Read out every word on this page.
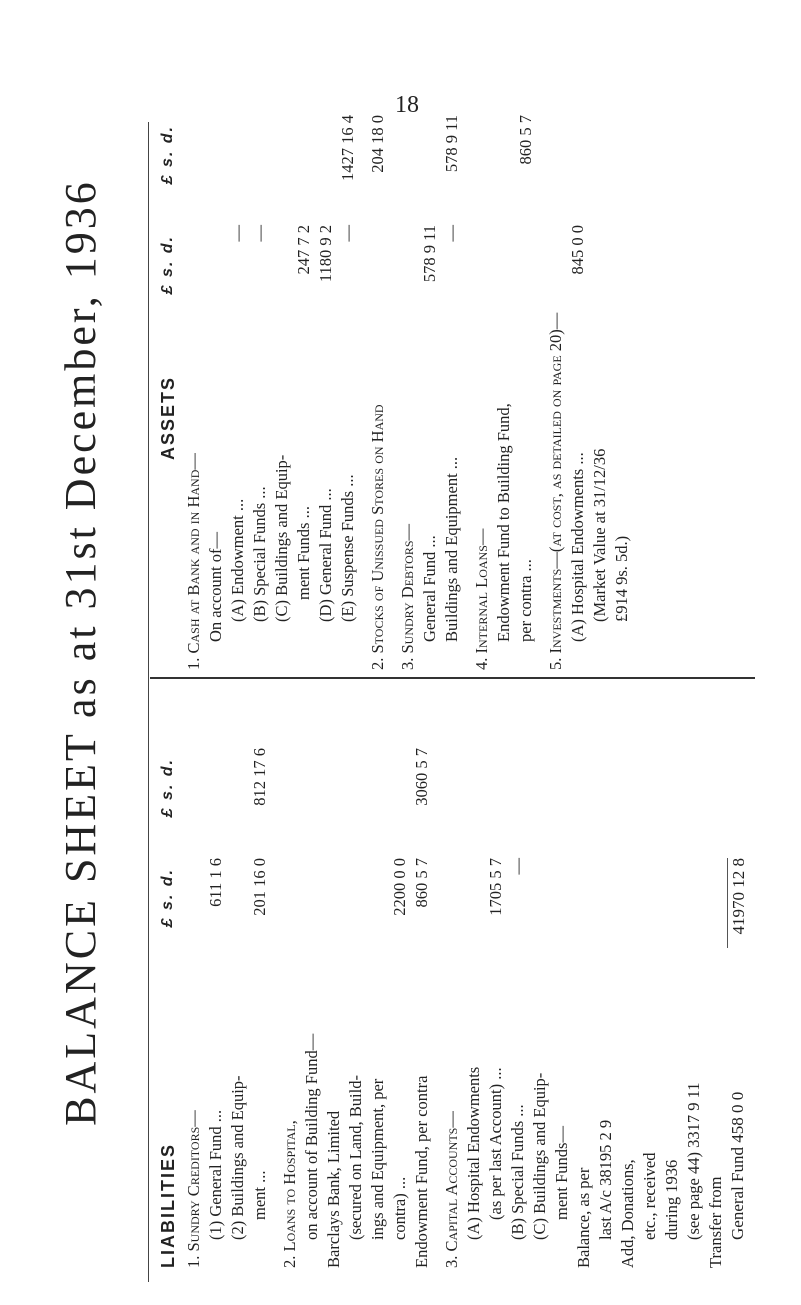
18
BALANCE SHEET as at 31st December, 1936
LIABILITIES
£ s. d.
£ s. d.
1. Sundry Creditors— (1) General Fund ...
611 1 6
(2) Buildings and Equip- ment ...
201 16 0
812 17 6
2. Loans to Hospital, on account of Building Fund— Barclays Bank, Limited (secured on Land, Build- ings and Equipment, per contra) ...
2200 0 0
Endowment Fund, per contra
860 5 7
3060 5 7
3. Capital Accounts— (A) Hospital Endowments (as per last Account) ...
1705 5 7
(B) Special Funds ...
—
(C) Buildings and Equip- ment Funds— Balance, as per last A/c 38195 2 9 Add, Donations, etc., received during 1936 (see page 44) 3317 9 11 Transfer from General Fund 458 0 0
41970 12 8
ASSETS
£ s. d.
£ s. d.
1. Cash at Bank and in Hand— On account of— (A) Endowment ...
—
(B) Special Funds ...
—
(C) Buildings and Equip- ment Funds ...
247 7 2
(D) General Fund ...
1180 9 2
(E) Suspense Funds ...
—
1427 16 4
2. Stocks of Unissued Stores on Hand
204 18 0
3. Sundry Debtors— General Fund ...
578 9 11
Buildings and Equipment ...
—
578 9 11
4. Internal Loans— Endowment Fund to Building Fund, per contra ...
860 5 7
5. Investments—(at cost, as detailed on page 20)— (A) Hospital Endowments ...
845 0 0
(Market Value at 31/12/36 £914 9s. 5d.)
